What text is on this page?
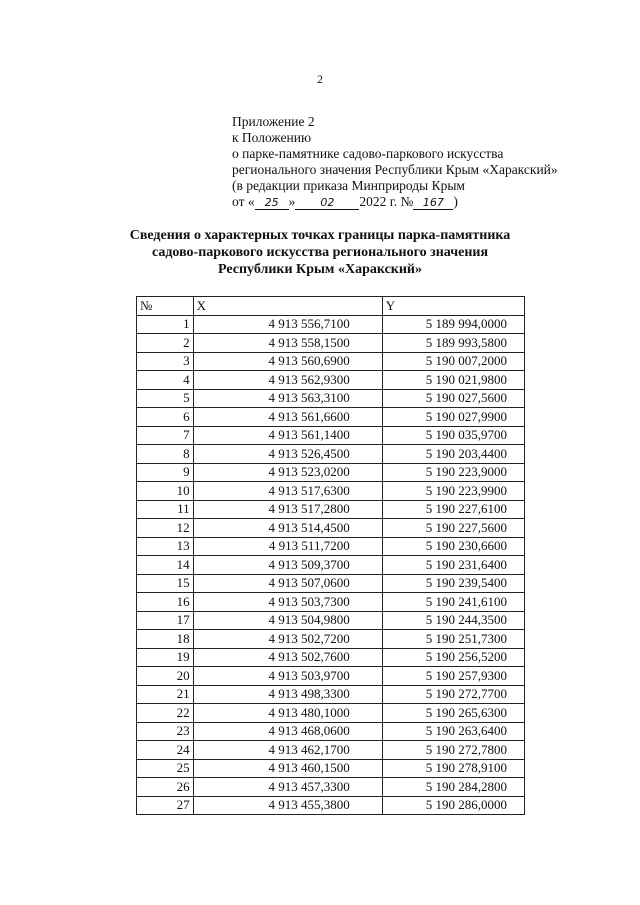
2
Приложение 2
к Положению
о парке-памятнике садово-паркового искусства
регионального значения Республики Крым «Харакский»
(в редакции приказа Минприроды Крым
от « 25 » 02 2022 г. № 167 )
Сведения о характерных точках границы парка-памятника
садово-паркового искусства регионального значения
Республики Крым «Харакский»
№	X	Y
1	4 913 556,7100	5 189 994,0000
2	4 913 558,1500	5 189 993,5800
3	4 913 560,6900	5 190 007,2000
4	4 913 562,9300	5 190 021,9800
5	4 913 563,3100	5 190 027,5600
6	4 913 561,6600	5 190 027,9900
7	4 913 561,1400	5 190 035,9700
8	4 913 526,4500	5 190 203,4400
9	4 913 523,0200	5 190 223,9000
10	4 913 517,6300	5 190 223,9900
11	4 913 517,2800	5 190 227,6100
12	4 913 514,4500	5 190 227,5600
13	4 913 511,7200	5 190 230,6600
14	4 913 509,3700	5 190 231,6400
15	4 913 507,0600	5 190 239,5400
16	4 913 503,7300	5 190 241,6100
17	4 913 504,9800	5 190 244,3500
18	4 913 502,7200	5 190 251,7300
19	4 913 502,7600	5 190 256,5200
20	4 913 503,9700	5 190 257,9300
21	4 913 498,3300	5 190 272,7700
22	4 913 480,1000	5 190 265,6300
23	4 913 468,0600	5 190 263,6400
24	4 913 462,1700	5 190 272,7800
25	4 913 460,1500	5 190 278,9100
26	4 913 457,3300	5 190 284,2800
27	4 913 455,3800	5 190 286,0000
